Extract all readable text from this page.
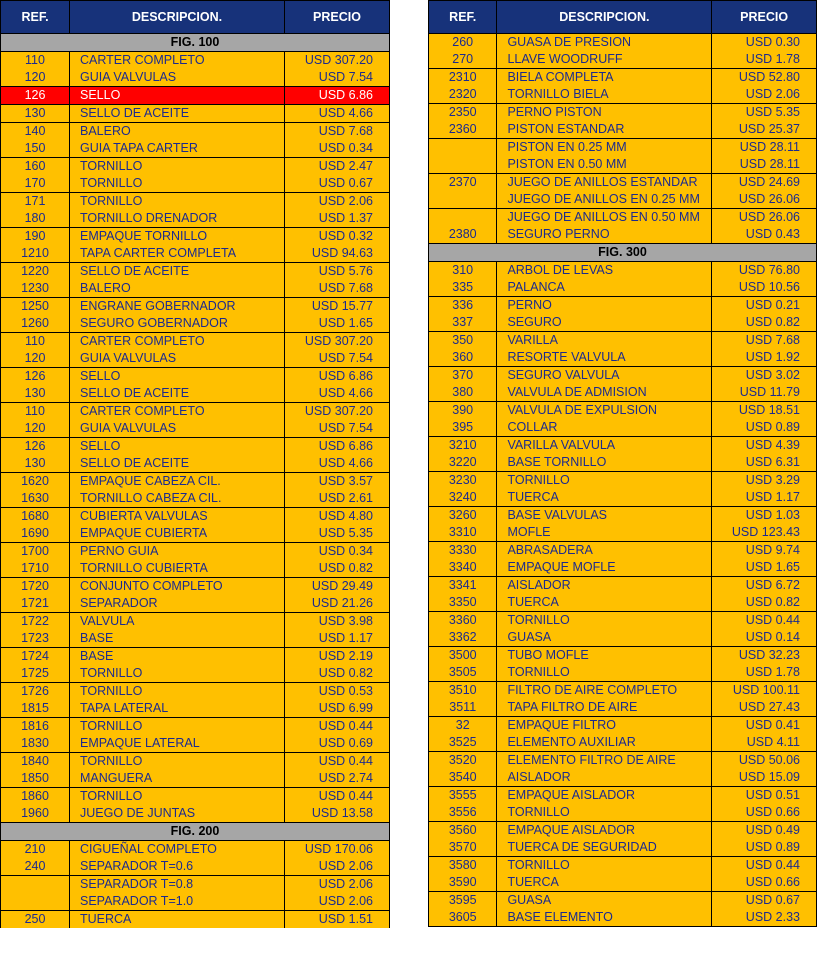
REF.	DESCRIPCION.	PRECIO
FIG. 100		
110	CARTER COMPLETO	USD 307.20
120	GUIA VALVULAS	USD 7.54
126	SELLO	USD 6.86
130	SELLO DE ACEITE	USD 4.66
140	BALERO	USD 7.68
150	GUIA TAPA CARTER	USD 0.34
160	TORNILLO	USD 2.47
170	TORNILLO	USD 0.67
171	TORNILLO	USD 2.06
180	TORNILLO DRENADOR	USD 1.37
190	EMPAQUE TORNILLO	USD 0.32
1210	TAPA CARTER COMPLETA	USD 94.63
1220	SELLO DE ACEITE	USD 5.76
1230	BALERO	USD 7.68
1250	ENGRANE GOBERNADOR	USD 15.77
1260	SEGURO GOBERNADOR	USD 1.65
110	CARTER COMPLETO	USD 307.20
120	GUIA VALVULAS	USD 7.54
126	SELLO	USD 6.86
130	SELLO DE ACEITE	USD 4.66
110	CARTER COMPLETO	USD 307.20
120	GUIA VALVULAS	USD 7.54
126	SELLO	USD 6.86
130	SELLO DE ACEITE	USD 4.66
1620	EMPAQUE CABEZA CIL.	USD 3.57
1630	TORNILLO CABEZA CIL.	USD 2.61
1680	CUBIERTA VALVULAS	USD 4.80
1690	EMPAQUE CUBIERTA	USD 5.35
1700	PERNO GUIA	USD 0.34
1710	TORNILLO CUBIERTA	USD 0.82
1720	CONJUNTO COMPLETO	USD 29.49
1721	SEPARADOR	USD 21.26
1722	VALVULA	USD 3.98
1723	BASE	USD 1.17
1724	BASE	USD 2.19
1725	TORNILLO	USD 0.82
1726	TORNILLO	USD 0.53
1815	TAPA LATERAL	USD 6.99
1816	TORNILLO	USD 0.44
1830	EMPAQUE LATERAL	USD 0.69
1840	TORNILLO	USD 0.44
1850	MANGUERA	USD 2.74
1860	TORNILLO	USD 0.44
1960	JUEGO DE JUNTAS	USD 13.58
FIG. 200		
210	CIGUEÑAL COMPLETO	USD 170.06
240	SEPARADOR T=0.6	USD 2.06
	SEPARADOR T=0.8	USD 2.06
	SEPARADOR T=1.0	USD 2.06
250	TUERCA	USD 1.51
REF.	DESCRIPCION.	PRECIO
260	GUASA DE PRESION	USD 0.30
270	LLAVE WOODRUFF	USD 1.78
2310	BIELA COMPLETA	USD 52.80
2320	TORNILLO BIELA	USD 2.06
2350	PERNO PISTON	USD 5.35
2360	PISTON ESTANDAR	USD 25.37
	PISTON EN 0.25 MM	USD 28.11
	PISTON EN 0.50 MM	USD 28.11
2370	JUEGO DE ANILLOS ESTANDAR	USD 24.69
	JUEGO DE ANILLOS EN 0.25 MM	USD 26.06
	JUEGO DE ANILLOS EN 0.50 MM	USD 26.06
2380	SEGURO PERNO	USD 0.43
FIG. 300		
310	ARBOL DE LEVAS	USD 76.80
335	PALANCA	USD 10.56
336	PERNO	USD 0.21
337	SEGURO	USD 0.82
350	VARILLA	USD 7.68
360	RESORTE VALVULA	USD 1.92
370	SEGURO VALVULA	USD 3.02
380	VALVULA DE ADMISION	USD 11.79
390	VALVULA DE EXPULSION	USD 18.51
395	COLLAR	USD 0.89
3210	VARILLA VALVULA	USD 4.39
3220	BASE TORNILLO	USD 6.31
3230	TORNILLO	USD 3.29
3240	TUERCA	USD 1.17
3260	BASE VALVULAS	USD 1.03
3310	MOFLE	USD 123.43
3330	ABRASADERA	USD 9.74
3340	EMPAQUE MOFLE	USD 1.65
3341	AISLADOR	USD 6.72
3350	TUERCA	USD 0.82
3360	TORNILLO	USD 0.44
3362	GUASA	USD 0.14
3500	TUBO MOFLE	USD 32.23
3505	TORNILLO	USD 1.78
3510	FILTRO DE AIRE COMPLETO	USD 100.11
3511	TAPA FILTRO DE AIRE	USD 27.43
32	EMPAQUE FILTRO	USD 0.41
3525	ELEMENTO AUXILIAR	USD 4.11
3520	ELEMENTO FILTRO DE AIRE	USD 50.06
3540	AISLADOR	USD 15.09
3555	EMPAQUE AISLADOR	USD 0.51
3556	TORNILLO	USD 0.66
3560	EMPAQUE AISLADOR	USD 0.49
3570	TUERCA DE SEGURIDAD	USD 0.89
3580	TORNILLO	USD 0.44
3590	TUERCA	USD 0.66
3595	GUASA	USD 0.67
3605	BASE ELEMENTO	USD 2.33
